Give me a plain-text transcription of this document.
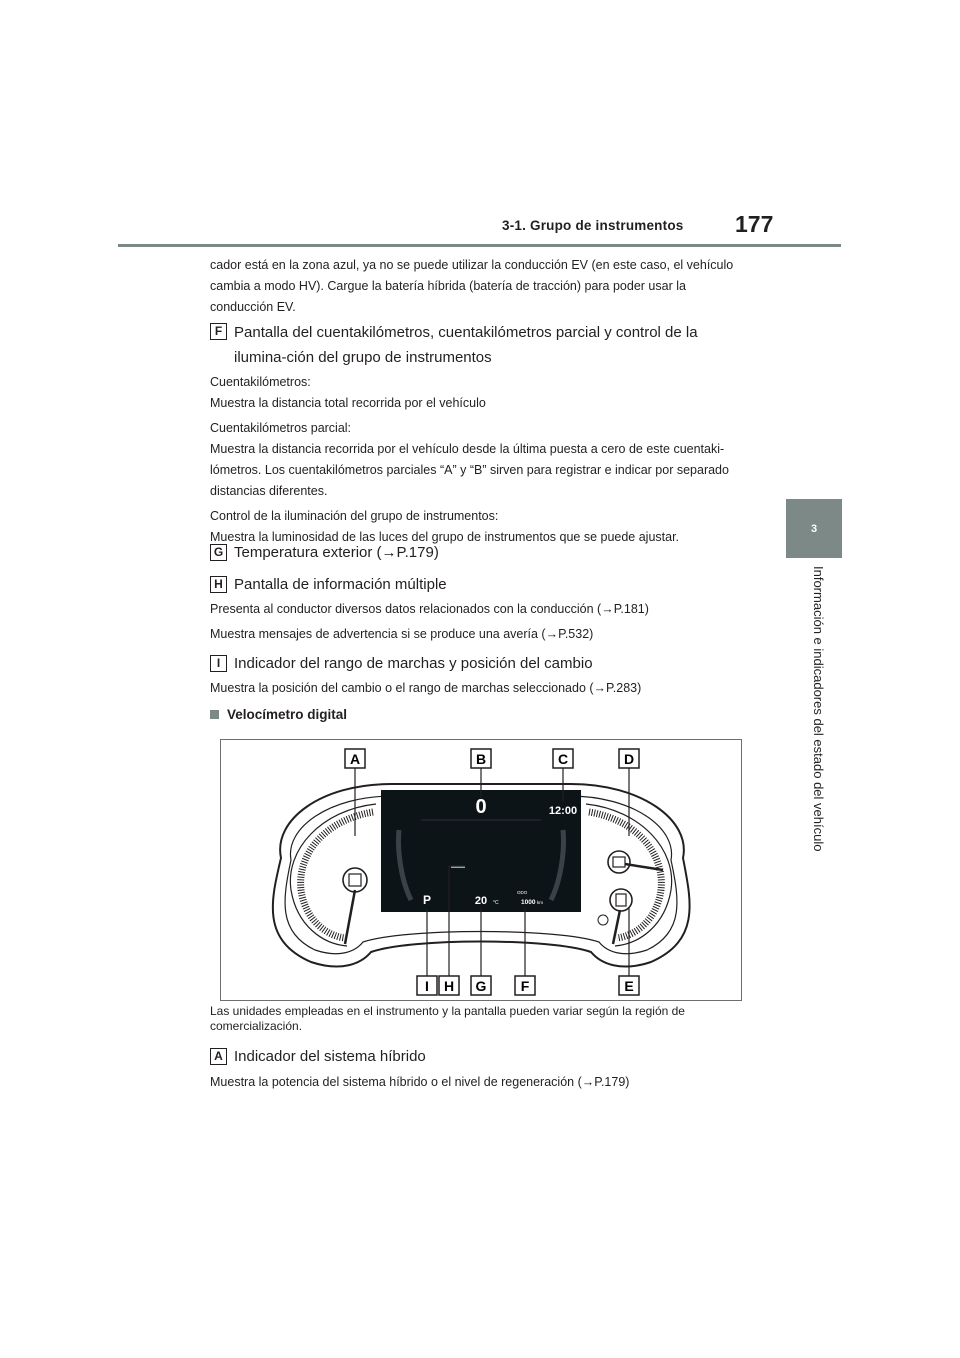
3-1. Grupo de instrumentos 177
3
Información e indicadores del estado del vehículo

cador está en la zona azul, ya no se puede utilizar la conducción EV (en este caso, el vehículo cambia a modo HV). Cargue la batería híbrida (batería de tracción) para poder usar la conducción EV.

F Pantalla del cuentakilómetros, cuentakilómetros parcial y control de la ilumina-ción del grupo de instrumentos

Cuentakilómetros:

Muestra la distancia total recorrida por el vehículo

Cuentakilómetros parcial:

Muestra la distancia recorrida por el vehículo desde la última puesta a cero de este cuentaki-lómetros. Los cuentakilómetros parciales “A” y “B” sirven para registrar e indicar por separado distancias diferentes.

Control de la iluminación del grupo de instrumentos:

Muestra la luminosidad de las luces del grupo de instrumentos que se puede ajustar.

G Temperatura exterior (→P.179)
H Pantalla de información múltiple

Presenta al conductor diversos datos relacionados con la conducción (→P.181)

Muestra mensajes de advertencia si se produce una avería (→P.532)

I Indicador del rango de marchas y posición del cambio

Muestra la posición del cambio o el rango de marchas seleccionado (→P.283)

Velocímetro digital
0	12:00
P	20 °C
ODO
1000 km
A	B	C	D
I H G F	E
Las unidades empleadas en el instrumento y la pantalla pueden variar según la región de comercialización.
A Indicador del sistema híbrido

Muestra la potencia del sistema híbrido o el nivel de regeneración (→P.179)
